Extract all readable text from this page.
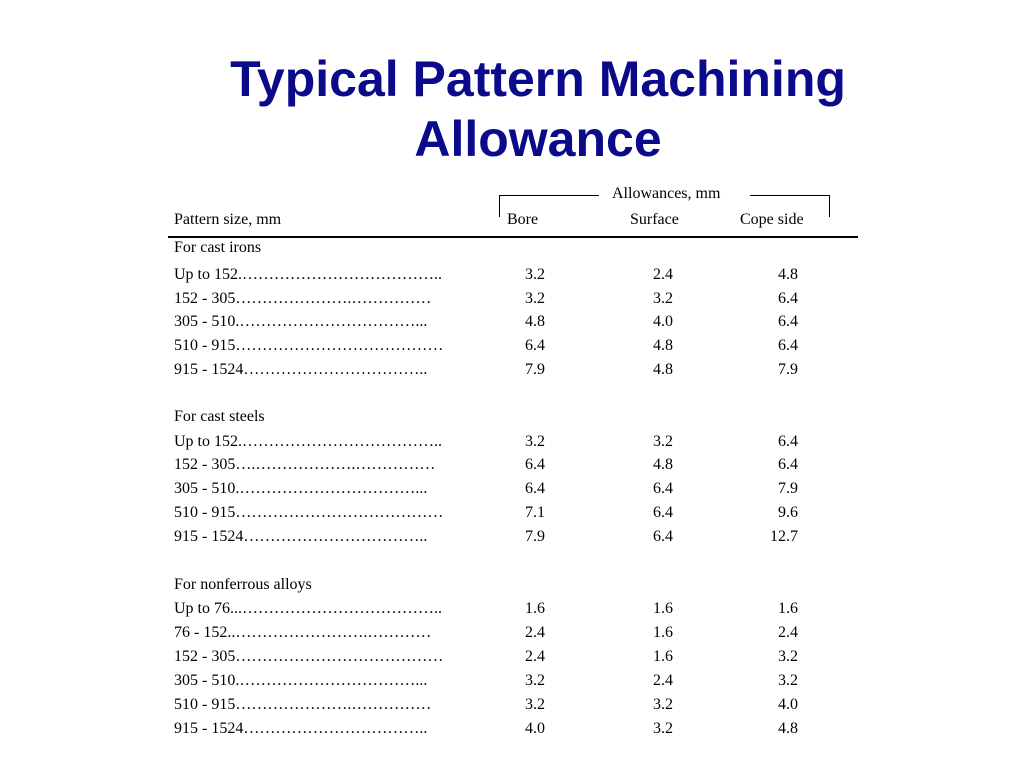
Typical Pattern Machining
Allowance
Allowances, mm
Pattern size, mm	Bore	Surface	Cope side
For cast irons
Up to 152.………………………………..	3.2	2.4	4.8
152 - 305………………….……………	3.2	3.2	6.4
305 - 510.……………………………...	4.8	4.0	6.4
510 - 915…………………………………	6.4	4.8	6.4
915 - 1524……………………………..	7.9	4.8	7.9
For cast steels
Up to 152.………………………………..	3.2	3.2	6.4
152 - 305….……………….……………	6.4	4.8	6.4
305 - 510.……………………………...	6.4	6.4	7.9
510 - 915…………………………………	7.1	6.4	9.6
915 - 1524……………………………..	7.9	6.4	12.7
For nonferrous alloys
Up to 76...………………………………..	1.6	1.6	1.6
76 - 152..…………………….…………	2.4	1.6	2.4
152 - 305…………………………………	2.4	1.6	3.2
305 - 510.……………………………...	3.2	2.4	3.2
510 - 915………………….……………	3.2	3.2	4.0
915 - 1524……………………………..	4.0	3.2	4.8
